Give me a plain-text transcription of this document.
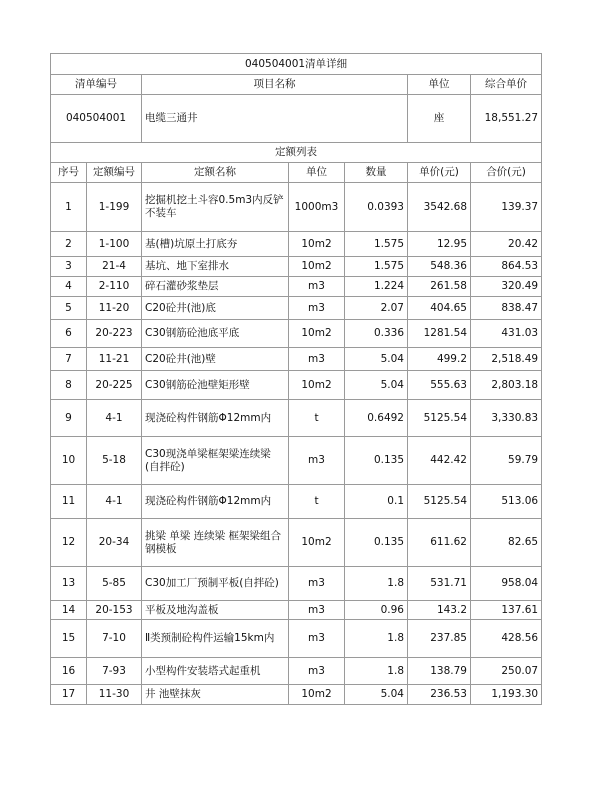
040504001清单详细						
清单编号		项目名称			单位	综合单价
040504001		电缆三通井			座	18,551.27
定额列表						
序号	定额编号	定额名称	单位	数量	单价(元)	合价(元)
1	1-199	挖掘机挖土斗容0.5m3内反铲不装车	1000m3	0.0393	3542.68	139.37
2	1-100	基(槽)坑原土打底夯	10m2	1.575	12.95	20.42
3	21-4	基坑、地下室排水	10m2	1.575	548.36	864.53
4	2-110	碎石灌砂浆垫层	m3	1.224	261.58	320.49
5	11-20	C20砼井(池)底	m3	2.07	404.65	838.47
6	20-223	C30钢筋砼池底平底	10m2	0.336	1281.54	431.03
7	11-21	C20砼井(池)壁	m3	5.04	499.2	2,518.49
8	20-225	C30钢筋砼池壁矩形壁	10m2	5.04	555.63	2,803.18
9	4-1	现浇砼构件钢筋Φ12mm内	t	0.6492	5125.54	3,330.83
10	5-18	C30现浇单梁框架梁连续梁(自拌砼)	m3	0.135	442.42	59.79
11	4-1	现浇砼构件钢筋Φ12mm内	t	0.1	5125.54	513.06
12	20-34	挑梁 单梁 连续梁 框架梁组合钢模板	10m2	0.135	611.62	82.65
13	5-85	C30加工厂预制平板(自拌砼)	m3	1.8	531.71	958.04
14	20-153	平板及地沟盖板	m3	0.96	143.2	137.61
15	7-10	Ⅱ类预制砼构件运输15km内	m3	1.8	237.85	428.56
16	7-93	小型构件安装塔式起重机	m3	1.8	138.79	250.07
17	11-30	井 池壁抹灰	10m2	5.04	236.53	1,193.30
